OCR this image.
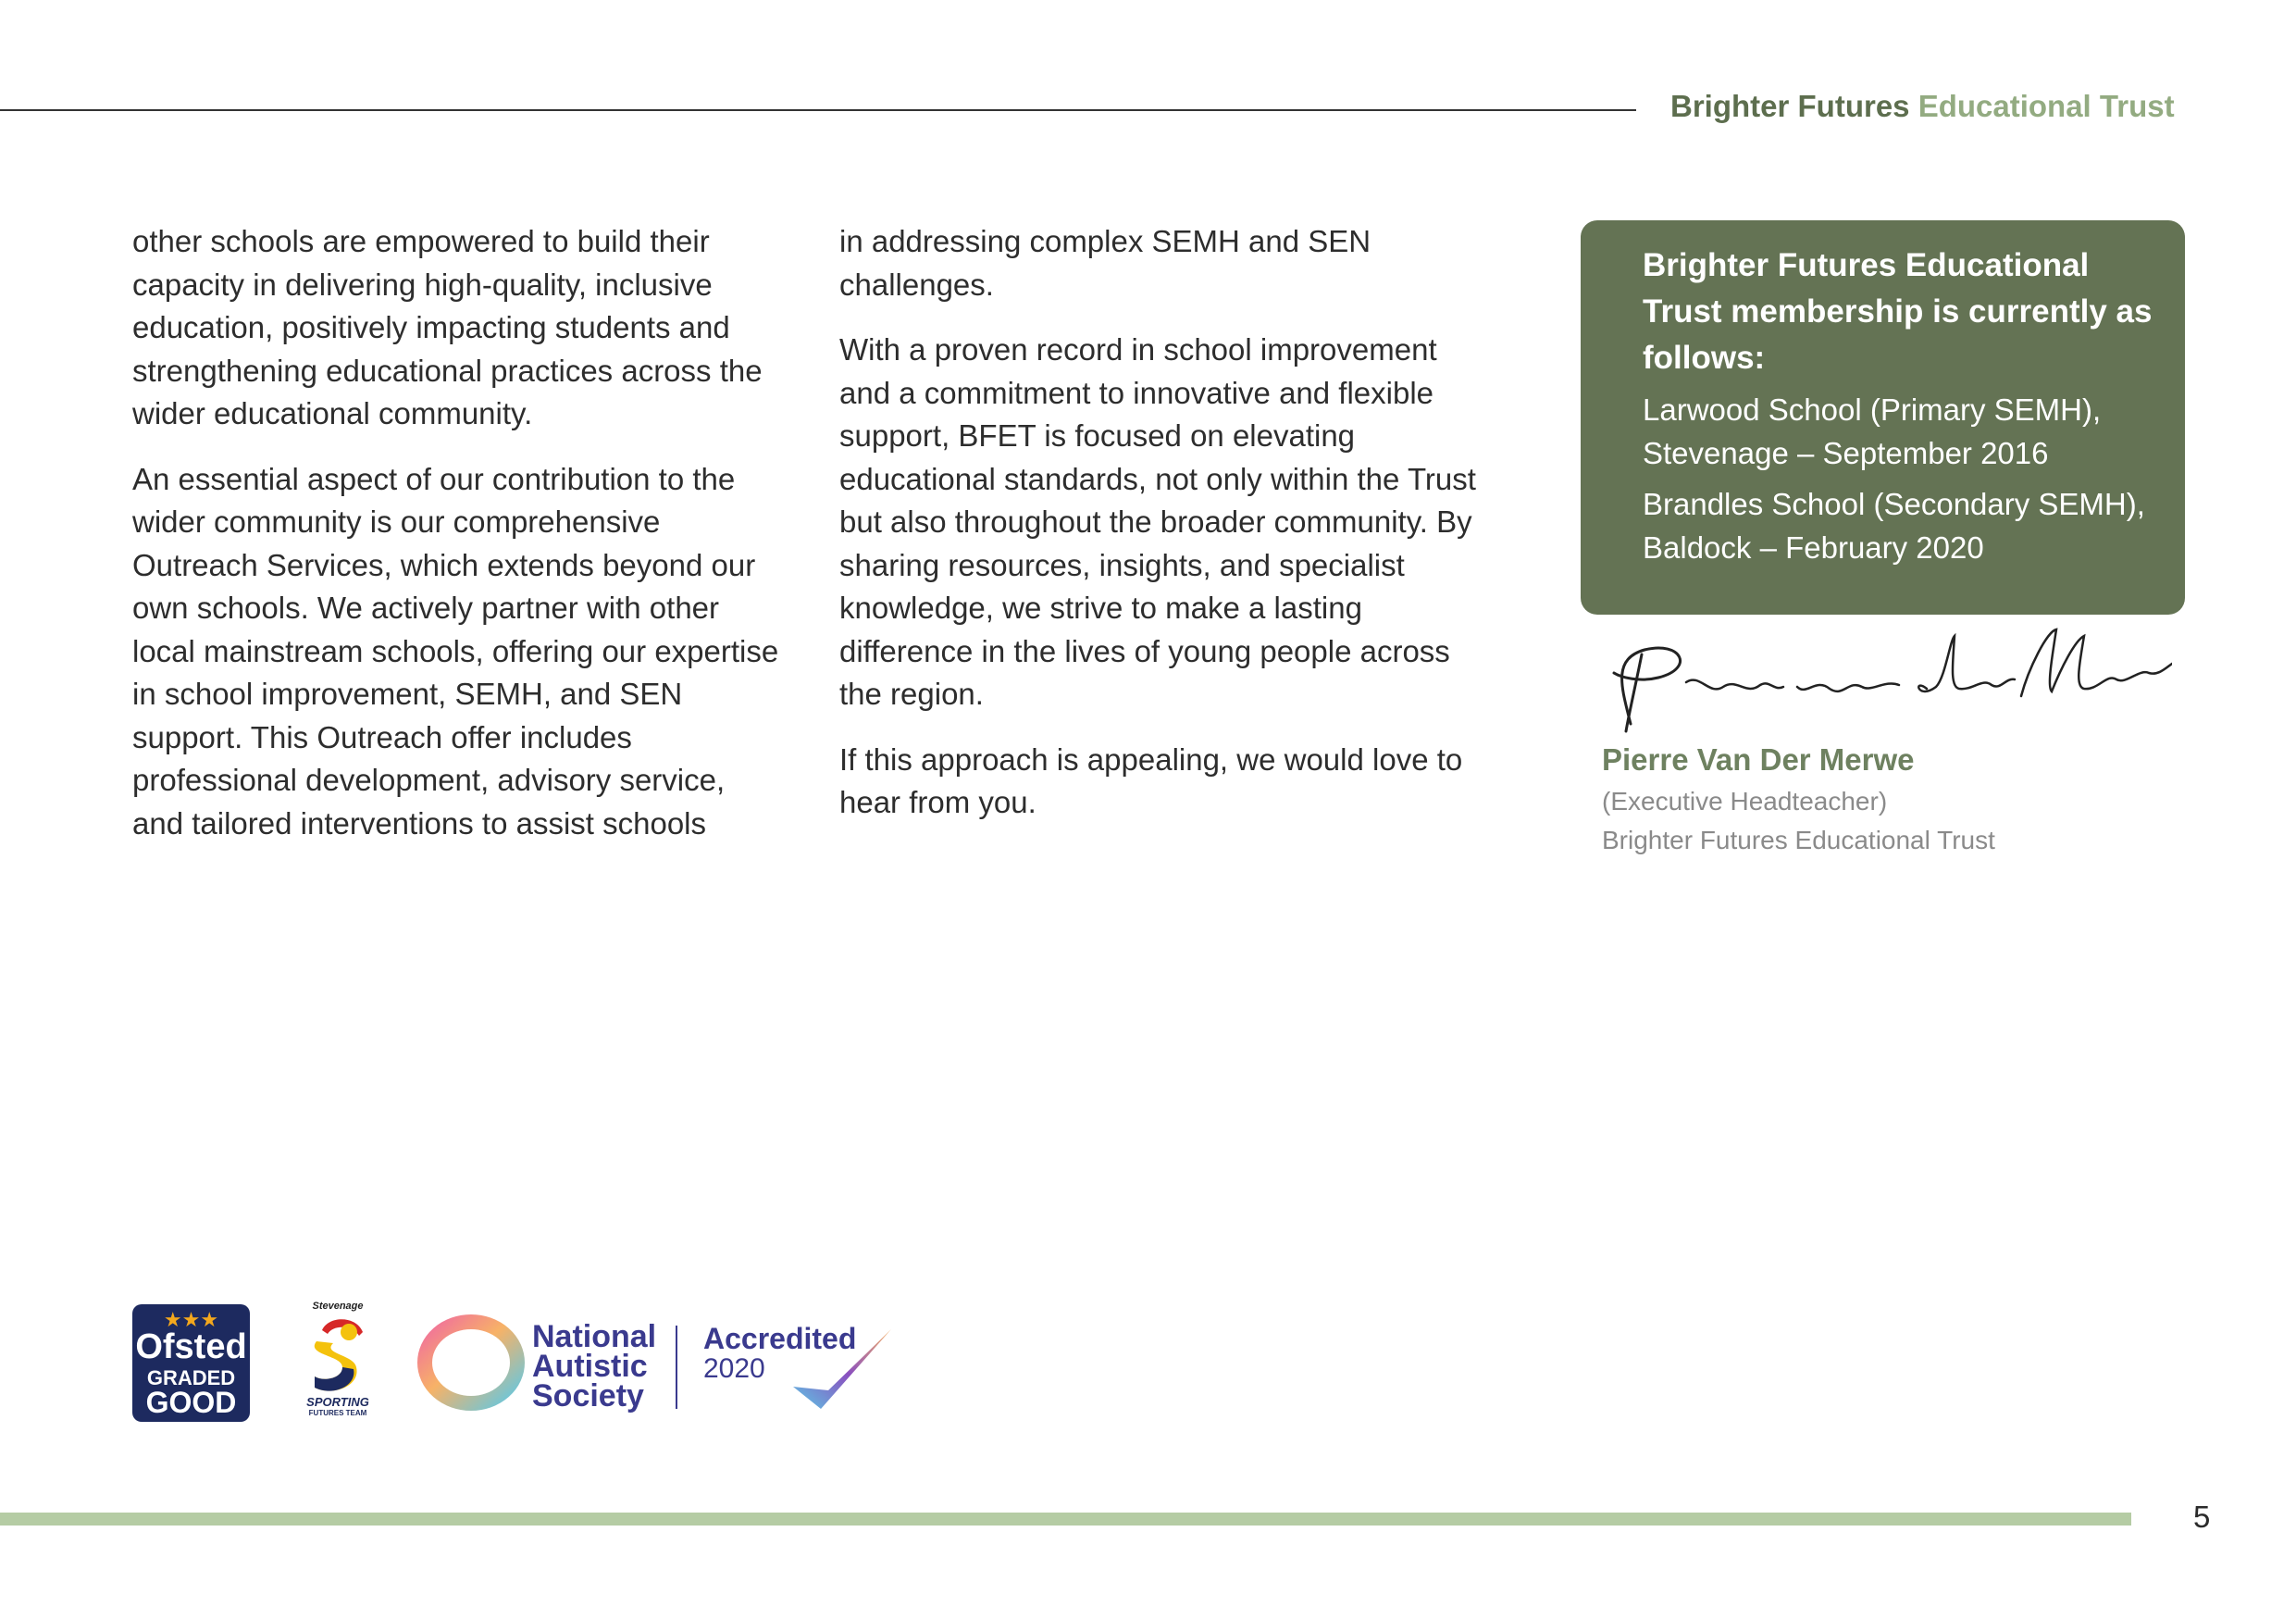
Brighter Futures Educational Trust

other schools are empowered to build their capacity in delivering high-quality, inclusive education, positively impacting students and strengthening educational practices across the wider educational community.

An essential aspect of our contribution to the wider community is our comprehensive Outreach Services, which extends beyond our own schools. We actively partner with other local mainstream schools, offering our expertise in school improvement, SEMH, and SEN support. This Outreach offer includes professional development, advisory service, and tailored interventions to assist schools

in addressing complex SEMH and SEN challenges.

With a proven record in school improvement and a commitment to innovative and flexible support, BFET is focused on elevating educational standards, not only within the Trust but also throughout the broader community. By sharing resources, insights, and specialist knowledge, we strive to make a lasting difference in the lives of young people across the region.

If this approach is appealing, we would love to hear from you.

Brighter Futures Educational Trust membership is currently as follows:

Larwood School (Primary SEMH), Stevenage – September 2016

Brandles School (Secondary SEMH), Baldock – February 2020

Pierre Van Der Merwe
(Executive Headteacher)
Brighter Futures Educational Trust
★★★
Ofsted
GRADED
GOOD
Stevenage
SPORTING
FUTURES TEAM
National
Autistic
Society
Accredited
2020
5
